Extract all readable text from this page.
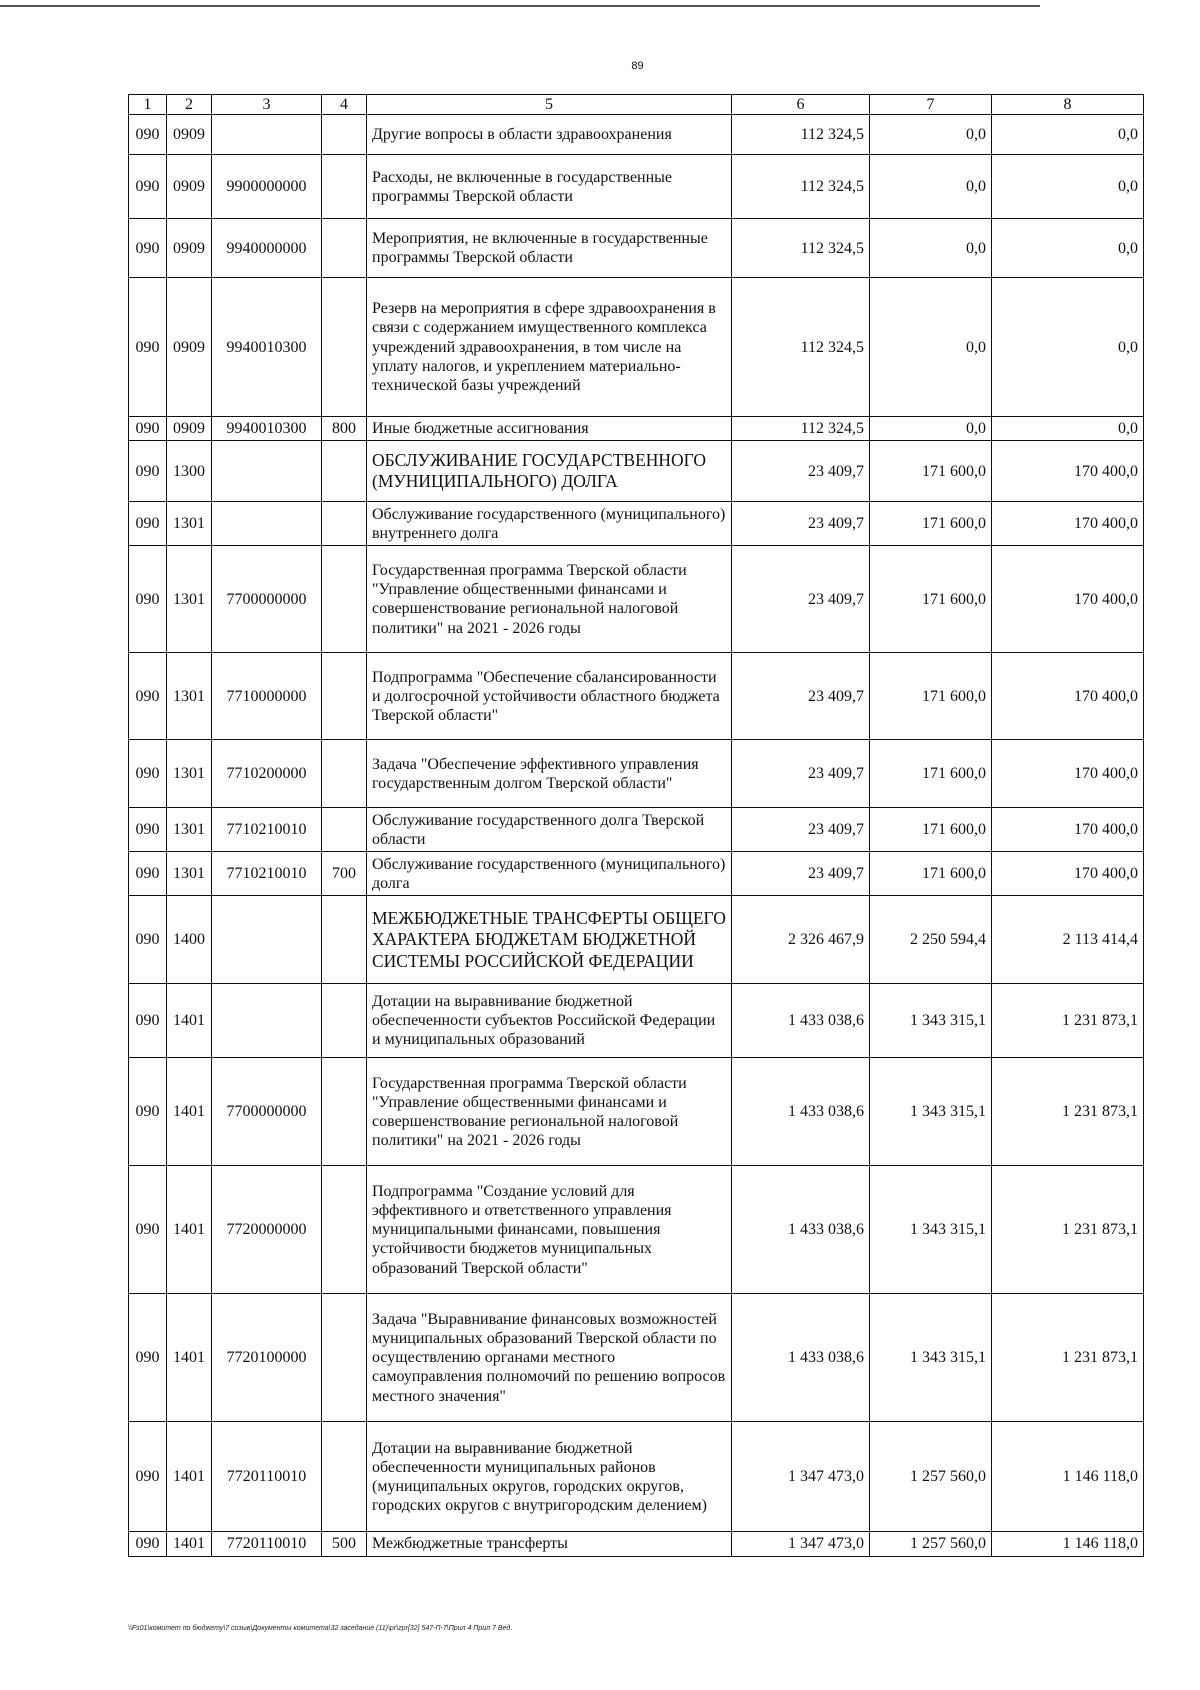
89
1	2	3	4	5	6	7	8
090	0909			Другие вопросы в области здравоохранения	112 324,5	0,0	0,0
090	0909	9900000000		Расходы, не включенные в государственные программы Тверской области	112 324,5	0,0	0,0
090	0909	9940000000		Мероприятия, не включенные в государственные программы Тверской области	112 324,5	0,0	0,0
090	0909	9940010300		Резерв на мероприятия в сфере здравоохранения в связи с содержанием имущественного комплекса учреждений здравоохранения, в том числе на уплату налогов, и укреплением материально-технической базы учреждений	112 324,5	0,0	0,0
090	0909	9940010300	800	Иные бюджетные ассигнования	112 324,5	0,0	0,0
090	1300			ОБСЛУЖИВАНИЕ ГОСУДАРСТВЕННОГО (МУНИЦИПАЛЬНОГО) ДОЛГА	23 409,7	171 600,0	170 400,0
090	1301			Обслуживание государственного (муниципального) внутреннего долга	23 409,7	171 600,0	170 400,0
090	1301	7700000000		Государственная программа Тверской области "Управление общественными финансами и совершенствование региональной налоговой политики" на 2021 - 2026 годы	23 409,7	171 600,0	170 400,0
090	1301	7710000000		Подпрограмма "Обеспечение сбалансированности и долгосрочной устойчивости областного бюджета Тверской области"	23 409,7	171 600,0	170 400,0
090	1301	7710200000		Задача "Обеспечение эффективного управления государственным долгом Тверской области"	23 409,7	171 600,0	170 400,0
090	1301	7710210010		Обслуживание государственного долга Тверской области	23 409,7	171 600,0	170 400,0
090	1301	7710210010	700	Обслуживание государственного (муниципального) долга	23 409,7	171 600,0	170 400,0
090	1400			МЕЖБЮДЖЕТНЫЕ ТРАНСФЕРТЫ ОБЩЕГО ХАРАКТЕРА БЮДЖЕТАМ БЮДЖЕТНОЙ СИСТЕМЫ РОССИЙСКОЙ ФЕДЕРАЦИИ	2 326 467,9	2 250 594,4	2 113 414,4
090	1401			Дотации на выравнивание бюджетной обеспеченности субъектов Российской Федерации и муниципальных образований	1 433 038,6	1 343 315,1	1 231 873,1
090	1401	7700000000		Государственная программа Тверской области "Управление общественными финансами и совершенствование региональной налоговой политики" на 2021 - 2026 годы	1 433 038,6	1 343 315,1	1 231 873,1
090	1401	7720000000		Подпрограмма "Создание условий для эффективного и ответственного управления муниципальными финансами, повышения устойчивости бюджетов муниципальных образований Тверской области"	1 433 038,6	1 343 315,1	1 231 873,1
090	1401	7720100000		Задача "Выравнивание финансовых возможностей муниципальных образований Тверской области по осуществлению органами местного самоуправления полномочий по решению вопросов местного значения"	1 433 038,6	1 343 315,1	1 231 873,1
090	1401	7720110010		Дотации на выравнивание бюджетной обеспеченности муниципальных районов (муниципальных округов, городских округов, городских округов с внутригородским делением)	1 347 473,0	1 257 560,0	1 146 118,0
090	1401	7720110010	500	Межбюджетные трансферты	1 347 473,0	1 257 560,0	1 146 118,0
\\Fs01\комитет по бюджету\7 созыв\Документы комитета\32 заседание (11)\pr\zpr[32] 547-П-7\Прил 4 Прил 7 Вед.
